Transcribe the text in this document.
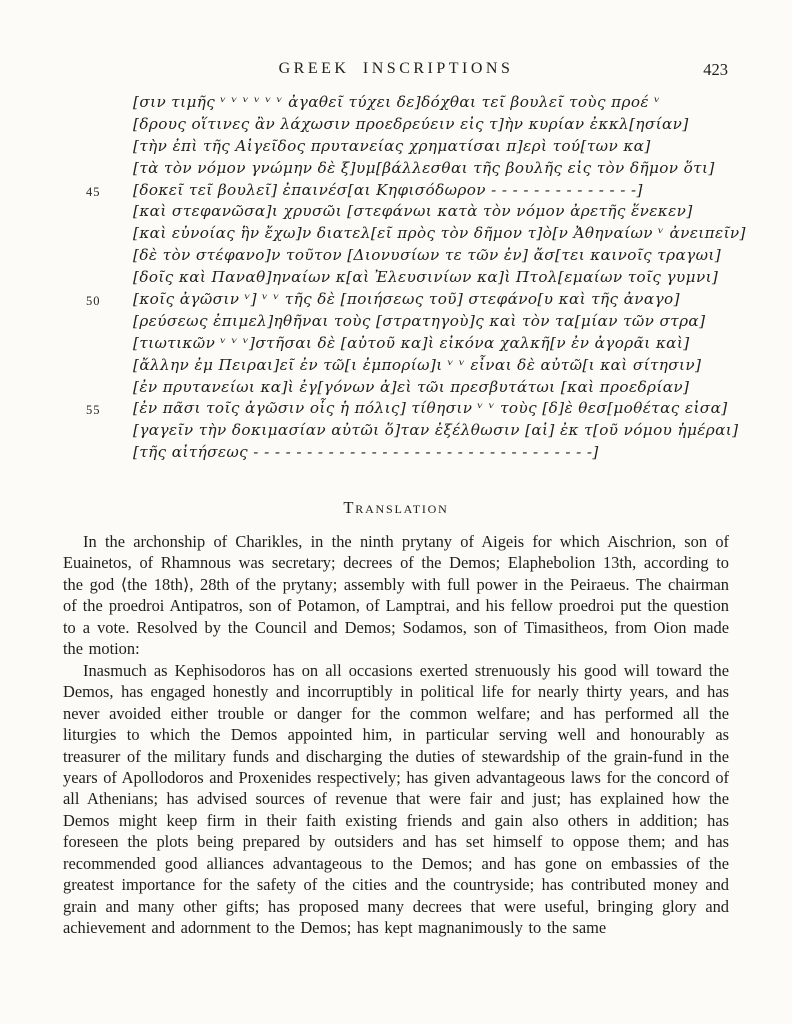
GREEK INSCRIPTIONS	423
[σιν τιμῆς ᵛ ᵛ ᵛ ᵛ ᵛ ᵛ ἀγαθεῖ τύχει δε]δόχθαι τεῖ βουλεῖ τοὺς προέ ᵛ
[δρους οἵτινες ἂν λάχωσιν προεδρεύειν εἰς τ]ὴν κυρίαν ἐκκλ[ησίαν]
[τὴν ἐπὶ τῆς Αἰγεῖδος πρυτανείας χρηματίσαι π]ερὶ τού[των κα]
[τὰ τὸν νόμον γνώμην δὲ ξ]υμ[βάλλεσθαι τῆς βουλῆς εἰς τὸν δῆμον ὅτι]
45	[δοκεῖ τεῖ βουλεῖ] ἐπαινέσ[αι Κηφισόδωρον - - - - - - - - - - - - - -]
[καὶ στεφανῶσα]ι χρυσῶι [στεφάνωι κατὰ τὸν νόμον ἀρετῆς ἕνεκεν]
[καὶ εὐνοίας ἣν ἔχω]ν διατελ[εῖ πρὸς τὸν δῆμον τ]ὸ[ν Ἀθηναίων ᵛ ἀνειπεῖν]
[δὲ τὸν στέφανο]ν τοῦτον [Διονυσίων τε τῶν ἐν] ἄσ[τει καινοῖς τραγωι]
[δοῖς καὶ Παναθ]ηναίων κ[αὶ Ἐλευσινίων κα]ὶ Πτολ[εμαίων τοῖς γυμνι]
50	[κοῖς ἀγῶσιν ᵛ] ᵛ ᵛ τῆς δὲ [ποιήσεως τοῦ] στεφάνο[υ καὶ τῆς ἀναγο]
[ρεύσεως ἐπιμελ]ηθῆναι τοὺς [στρατηγοὺ]ς καὶ τὸν τα[μίαν τῶν στρα]
[τιωτικῶν ᵛ ᵛ ᵛ]στῆσαι δὲ [αὐτοῦ κα]ὶ εἰκόνα χαλκῆ[ν ἐν ἀγορᾶι καὶ]
[ἄλλην ἐμ Πειραι]εῖ ἐν τῶ[ι ἐμπορίω]ι ᵛ ᵛ εἶναι δὲ αὐτῶ[ι καὶ σίτησιν]
[ἐν πρυτανείωι κα]ὶ ἐγ[γόνων ἀ]εὶ τῶι πρεσβυτάτωι [καὶ προεδρίαν]
55	[ἐν πᾶσι τοῖς ἀγῶσιν οἷς ἡ πόλις] τίθησιν ᵛ ᵛ τοὺς [δ]ὲ θεσ[μοθέτας εἰσα]
[γαγεῖν τὴν δοκιμασίαν αὐτῶι ὅ]ταν ἐξέλθωσιν [αἱ] ἐκ τ[οῦ νόμου ἡμέραι]
[τῆς αἰτήσεως - - - - - - - - - - - - - - - - - - - - - - - - - - - - - - - -]
Translation

In the archonship of Charikles, in the ninth prytany of Aigeis for which Aischrion, son of Euainetos, of Rhamnous was secretary; decrees of the Demos; Elaphebolion 13th, according to the god ⟨the 18th⟩, 28th of the prytany; assembly with full power in the Peiraeus. The chairman of the proedroi Antipatros, son of Potamon, of Lamptrai, and his fellow proedroi put the question to a vote. Resolved by the Council and Demos; Sodamos, son of Timasitheos, from Oion made the motion:

Inasmuch as Kephisodoros has on all occasions exerted strenuously his good will toward the Demos, has engaged honestly and incorruptibly in political life for nearly thirty years, and has never avoided either trouble or danger for the common welfare; and has performed all the liturgies to which the Demos appointed him, in particular serving well and honourably as treasurer of the military funds and discharging the duties of stewardship of the grain-fund in the years of Apollodoros and Proxenides respectively; has given advantageous laws for the concord of all Athenians; has advised sources of revenue that were fair and just; has explained how the Demos might keep firm in their faith existing friends and gain also others in addition; has foreseen the plots being prepared by outsiders and has set himself to oppose them; and has recommended good alliances advantageous to the Demos; and has gone on embassies of the greatest importance for the safety of the cities and the countryside; has contributed money and grain and many other gifts; has proposed many decrees that were useful, bringing glory and achievement and adornment to the Demos; has kept magnanimously to the same
